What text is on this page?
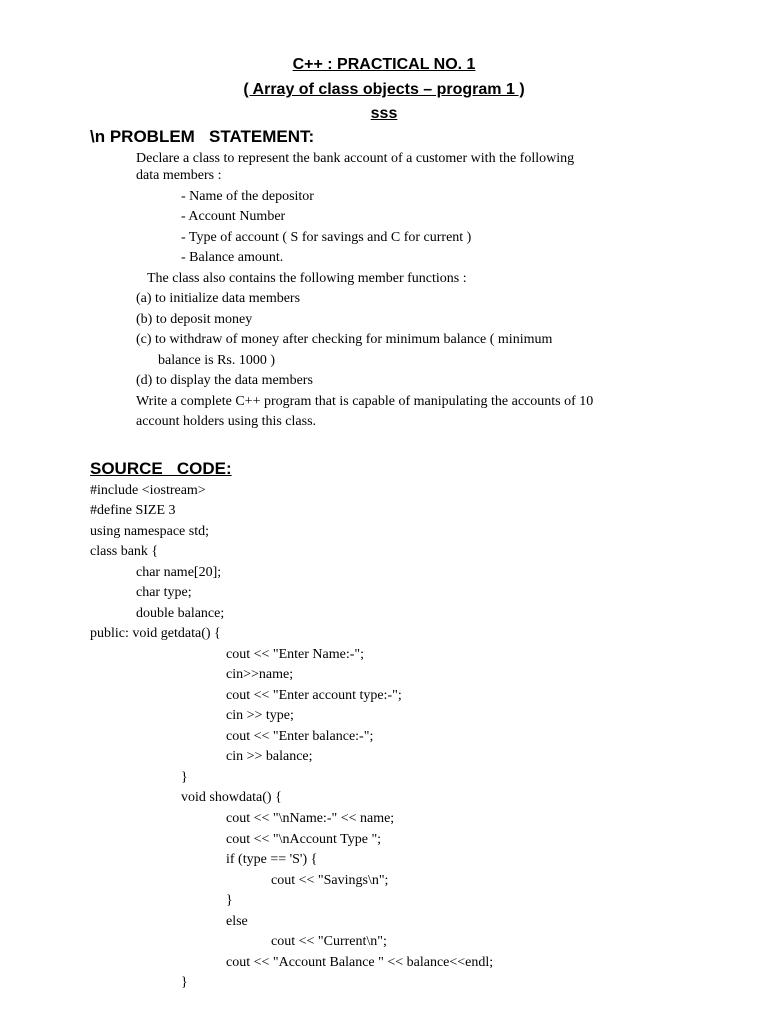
C++ : PRACTICAL NO. 1
( Array of class objects – program 1 )
sss
\n PROBLEM   STATEMENT:
Declare a class to represent the bank account of a customer with the following
data members :
- Name of the depositor
- Account Number
- Type of account ( S for savings and C for current )
- Balance amount.
The class also contains the following member functions :
(a) to initialize data members
(b) to deposit money
(c) to withdraw of money after checking for minimum balance ( minimum
balance is Rs. 1000 )
(d) to display the data members
Write a complete C++ program that is capable of manipulating the accounts of 10
account holders using this class.
SOURCE   CODE:
#include <iostream>
#define SIZE 3
using namespace std;
class bank {
char name[20];
char type;
double balance;
public: void getdata() {
cout << "Enter Name:-";
cin>>name;
cout << "Enter account type:-";
cin >> type;
cout << "Enter balance:-";
cin >> balance;
}
void showdata() {
cout << "\nName:-" << name;
cout << "\nAccount Type ";
if (type == 'S') {
cout << "Savings\n";
}
else
cout << "Current\n";
cout << "Account Balance " << balance<<endl;
}
